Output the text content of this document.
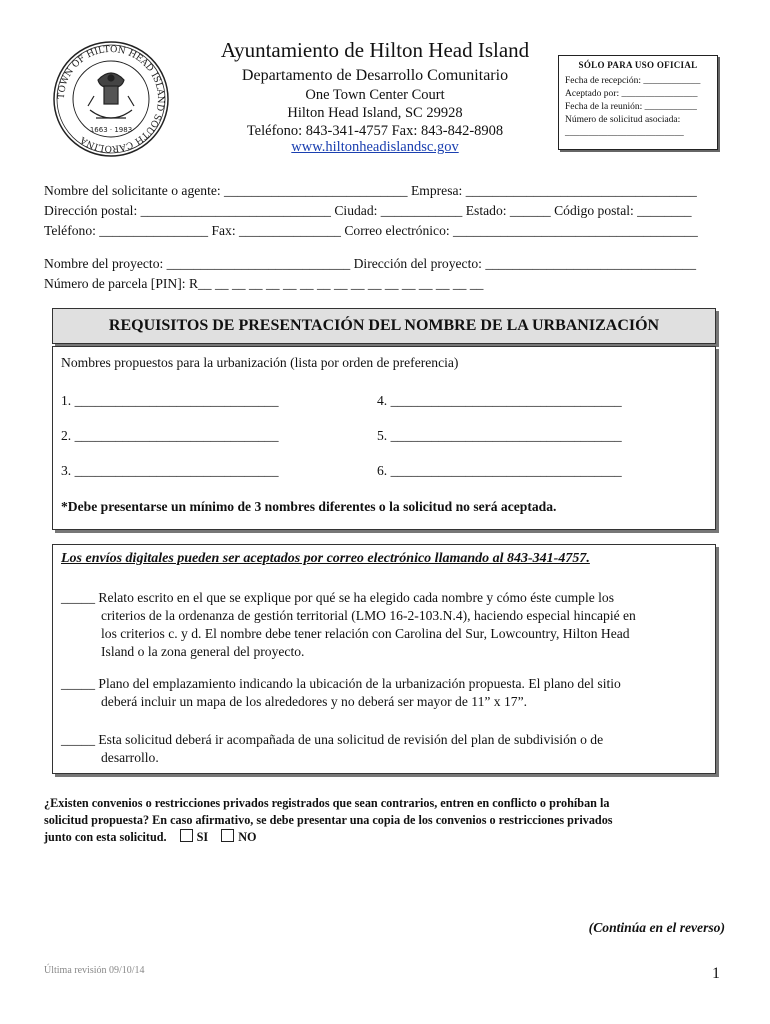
TOWN OF HILTON HEAD ISLAND SOUTH CAROLINA
1663 · 1983
Ayuntamiento de Hilton Head Island
Departamento de Desarrollo Comunitario
One Town Center Court
Hilton Head Island, SC 29928
Teléfono: 843-341-4757 Fax: 843-842-8908
www.hiltonheadislandsc.gov
SÓLO PARA USO OFICIAL
Fecha de recepción: ____________
Aceptado por: ________________
Fecha de la reunión: ___________
Número de solicitud asociada:
_________________________
Nombre del solicitante o agente: ___________________________ Empresa: __________________________________
Dirección postal: ____________________________ Ciudad: ____________ Estado: ______ Código postal: ________
Teléfono: ________________ Fax: _______________ Correo electrónico: ____________________________________
Nombre del proyecto: ___________________________ Dirección del proyecto: _______________________________
Número de parcela [PIN]: R__ __ __ __ __ __ __ __ __ __ __ __ __ __ __ __ __
REQUISITOS DE PRESENTACIÓN DEL NOMBRE DE LA URBANIZACIÓN
Nombres propuestos para la urbanización (lista por orden de preferencia)
1. ______________________________
2. ______________________________
3. ______________________________
4. __________________________________
5. __________________________________
6. __________________________________
*Debe presentarse un mínimo de 3 nombres diferentes o la solicitud no será aceptada.
Los envíos digitales pueden ser aceptados por correo electrónico llamando al 843-341-4757.
_____ Relato escrito en el que se explique por qué se ha elegido cada nombre y cómo éste cumple los
criterios de la ordenanza de gestión territorial (LMO 16-2-103.N.4), haciendo especial hincapié en
los criterios c. y d. El nombre debe tener relación con Carolina del Sur, Lowcountry, Hilton Head
Island o la zona general del proyecto.
_____ Plano del emplazamiento indicando la ubicación de la urbanización propuesta. El plano del sitio
deberá incluir un mapa de los alrededores y no deberá ser mayor de 11” x 17”.
_____ Esta solicitud deberá ir acompañada de una solicitud de revisión del plan de subdivisión o de
desarrollo.
¿Existen convenios o restricciones privados registrados que sean contrarios, entren en conflicto o prohíban la
solicitud propuesta? En caso afirmativo, se debe presentar una copia de los convenios o restricciones privados
junto con esta solicitud. SI NO
(Continúa en el reverso)
Última revisión 09/10/14	1
